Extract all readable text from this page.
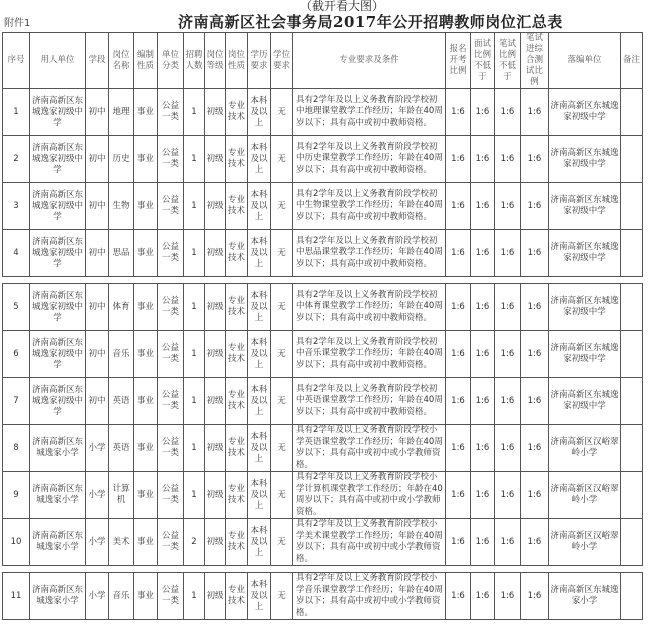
（截开看大图）
附件1	济南高新区社会事务局2017年公开招聘教师岗位汇总表
序号	用人单位	学段	岗位名称	编制性质	单位分类	招聘人数	岗位等级	岗位性质	学历要求	学位要求	专业要求及条件	报名开考比例	面试比例不低于	笔试比例不低于	笔试进综合测试比例	落编单位	备注
1	济南高新区东城逸家初级中学	初中	地理	事业	公益一类	1	初级	专业技术	本科及以上	无	具有2学年及以上义务教育阶段学校初中地理课堂教学工作经历；年龄在40周岁以下；具有高中或初中教师资格。	1:6	1:6	1:6	1:6	济南高新区东城逸家初级中学	
2	济南高新区东城逸家初级中学	初中	历史	事业	公益一类	1	初级	专业技术	本科及以上	无	具有2学年及以上义务教育阶段学校初中历史课堂教学工作经历；年龄在40周岁以下；具有高中或初中教师资格。	1:6	1:6	1:6	1:6	济南高新区东城逸家初级中学	
3	济南高新区东城逸家初级中学	初中	生物	事业	公益一类	1	初级	专业技术	本科及以上	无	具有2学年及以上义务教育阶段学校初中生物课堂教学工作经历；年龄在40周岁以下；具有高中或初中教师资格。	1:6	1:6	1:6	1:6	济南高新区东城逸家初级中学	
4	济南高新区东城逸家初级中学	初中	思品	事业	公益一类	1	初级	专业技术	本科及以上	无	具有2学年及以上义务教育阶段学校初中思品课堂教学工作经历；年龄在40周岁以下；具有高中或初中教师资格。	1:6	1:6	1:6	1:6	济南高新区东城逸家初级中学	

5	济南高新区东城逸家初级中学	初中	体育	事业	公益一类	1	初级	专业技术	本科及以上	无	具有2学年及以上义务教育阶段学校初中体育课堂教学工作经历；年龄在40周岁以下；具有高中或初中教师资格。	1:6	1:6	1:6	1:6	济南高新区东城逸家初级中学	
6	济南高新区东城逸家初级中学	初中	音乐	事业	公益一类	1	初级	专业技术	本科及以上	无	具有2学年及以上义务教育阶段学校初中音乐课堂教学工作经历；年龄在40周岁以下；具有高中或初中教师资格。	1:6	1:6	1:6	1:6	济南高新区东城逸家初级中学	
7	济南高新区东城逸家初级中学	初中	英语	事业	公益一类	1	初级	专业技术	本科及以上	无	具有2学年及以上义务教育阶段学校初中英语课堂教学工作经历；年龄在40周岁以下；具有高中或初中教师资格。	1:6	1:6	1:6	1:6	济南高新区东城逸家初级中学	
8	济南高新区东城逸家小学	小学	英语	事业	公益一类	1	初级	专业技术	本科及以上	无	具有2学年及以上义务教育阶段学校小学英语课堂教学工作经历；年龄在40周岁以下；具有高中或初中或小学教师资格。	1:6	1:6	1:6	1:6	济南高新区汉峪翠岭小学	
9	济南高新区东城逸家小学	小学	计算机	事业	公益一类	1	初级	专业技术	本科及以上	无	具有2学年及以上义务教育阶段学校小学计算机课堂教学工作经历；年龄在40周岁以下；具有高中或初中或小学教师资格。	1:6	1:6	1:6	1:6	济南高新区汉峪翠岭小学	
10	济南高新区东城逸家小学	小学	美术	事业	公益一类	2	初级	专业技术	本科及以上	无	具有2学年及以上义务教育阶段学校小学美术课堂教学工作经历；年龄在40周岁以下；具有高中或初中或小学教师资格。	1:6	1:6	1:6	1:6	济南高新区汉峪翠岭小学	

11	济南高新区东城逸家小学	小学	音乐	事业	公益一类	1	初级	专业技术	本科及以上	无	具有2学年及以上义务教育阶段学校小学音乐课堂教学工作经历；年龄在40周岁以下；具有高中或初中或小学教师资格。	1:6	1:6	1:6	1:6	济南高新区东城逸家小学	
